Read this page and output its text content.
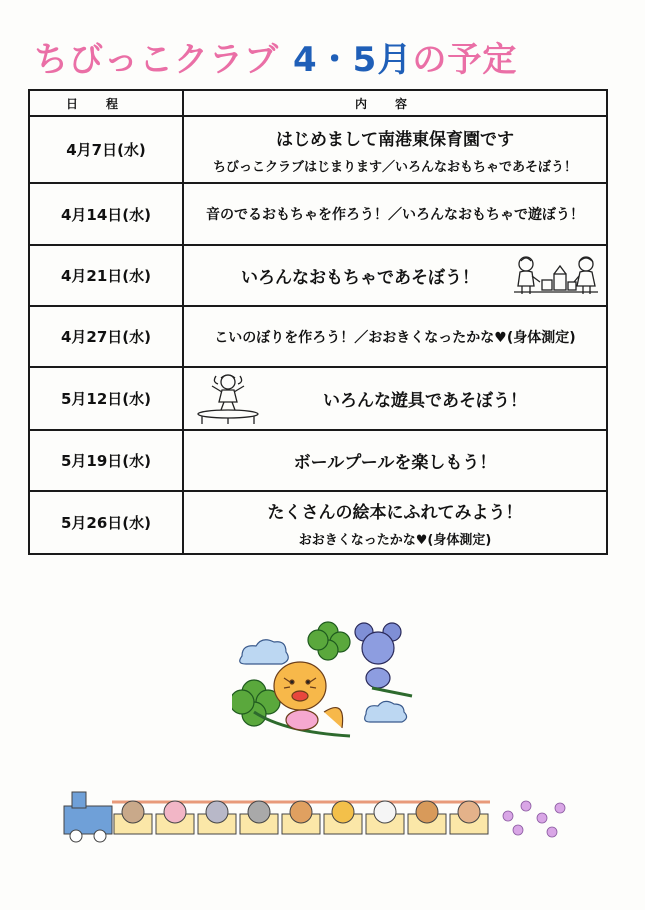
ちびっこクラブ 4・5月の予定
日程	内容
4月7日(水)	はじめまして南港東保育園です
ちびっこクラブはじまります／いろんなおもちゃであそぼう！

4月14日(水)	音のでるおもちゃを作ろう！／いろんなおもちゃで遊ぼう！

4月21日(水)	いろんなおもちゃであそぼう！

4月27日(水)	こいのぼりを作ろう！／おおきくなったかな♥(身体測定)

5月12日(水)	いろんな遊具であそぼう！

5月19日(水)	ボールプールを楽しもう！

5月26日(水)	たくさんの絵本にふれてみよう！
おおきくなったかな♥(身体測定)
